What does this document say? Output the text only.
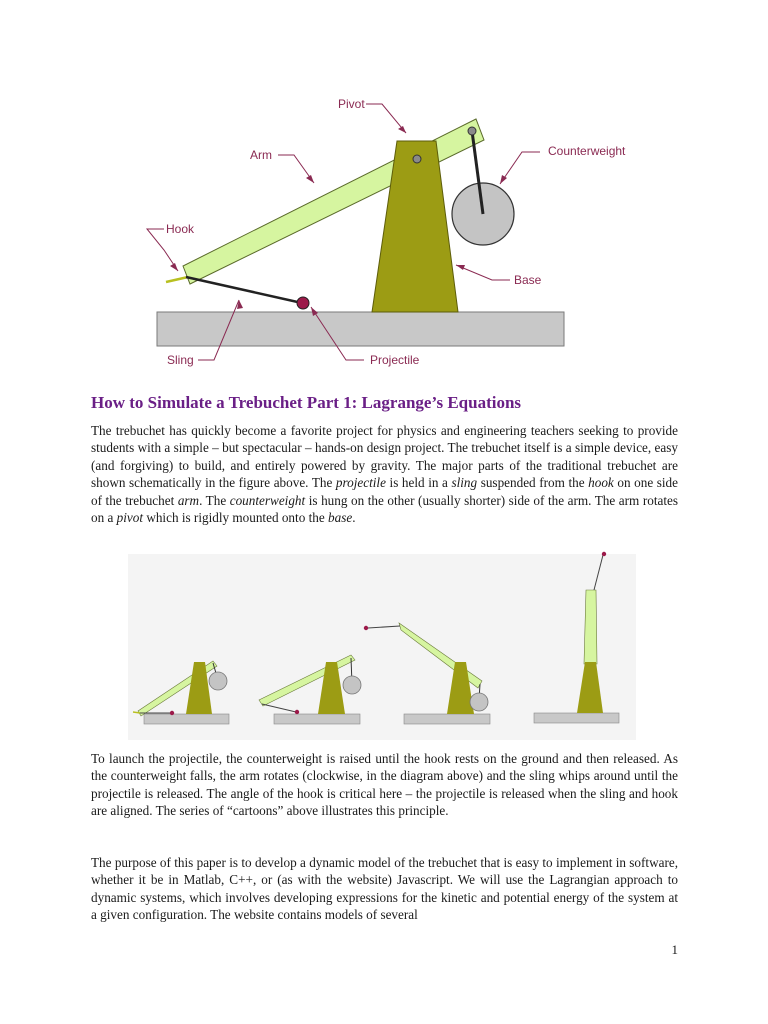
Pivot
Arm	Counterweight
Hook
Base
Sling	Projectile
How to Simulate a Trebuchet Part 1: Lagrange’s Equations

The trebuchet has quickly become a favorite project for physics and engineering teachers seeking to provide students with a simple – but spectacular – hands-on design project. The trebuchet itself is a simple device, easy (and forgiving) to build, and entirely powered by gravity. The major parts of the traditional trebuchet are shown schematically in the figure above. The projectile is held in a sling suspended from the hook on one side of the trebuchet arm. The counterweight is hung on the other (usually shorter) side of the arm. The arm rotates on a pivot which is rigidly mounted onto the base.

To launch the projectile, the counterweight is raised until the hook rests on the ground and then released. As the counterweight falls, the arm rotates (clockwise, in the diagram above) and the sling whips around until the projectile is released. The angle of the hook is critical here – the projectile is released when the sling and hook are aligned. The series of “cartoons” above illustrates this principle.

The purpose of this paper is to develop a dynamic model of the trebuchet that is easy to implement in software, whether it be in Matlab, C++, or (as with the website) Javascript. We will use the Lagrangian approach to dynamic systems, which involves developing expressions for the kinetic and potential energy of the system at a given configuration. The website contains models of several

1
